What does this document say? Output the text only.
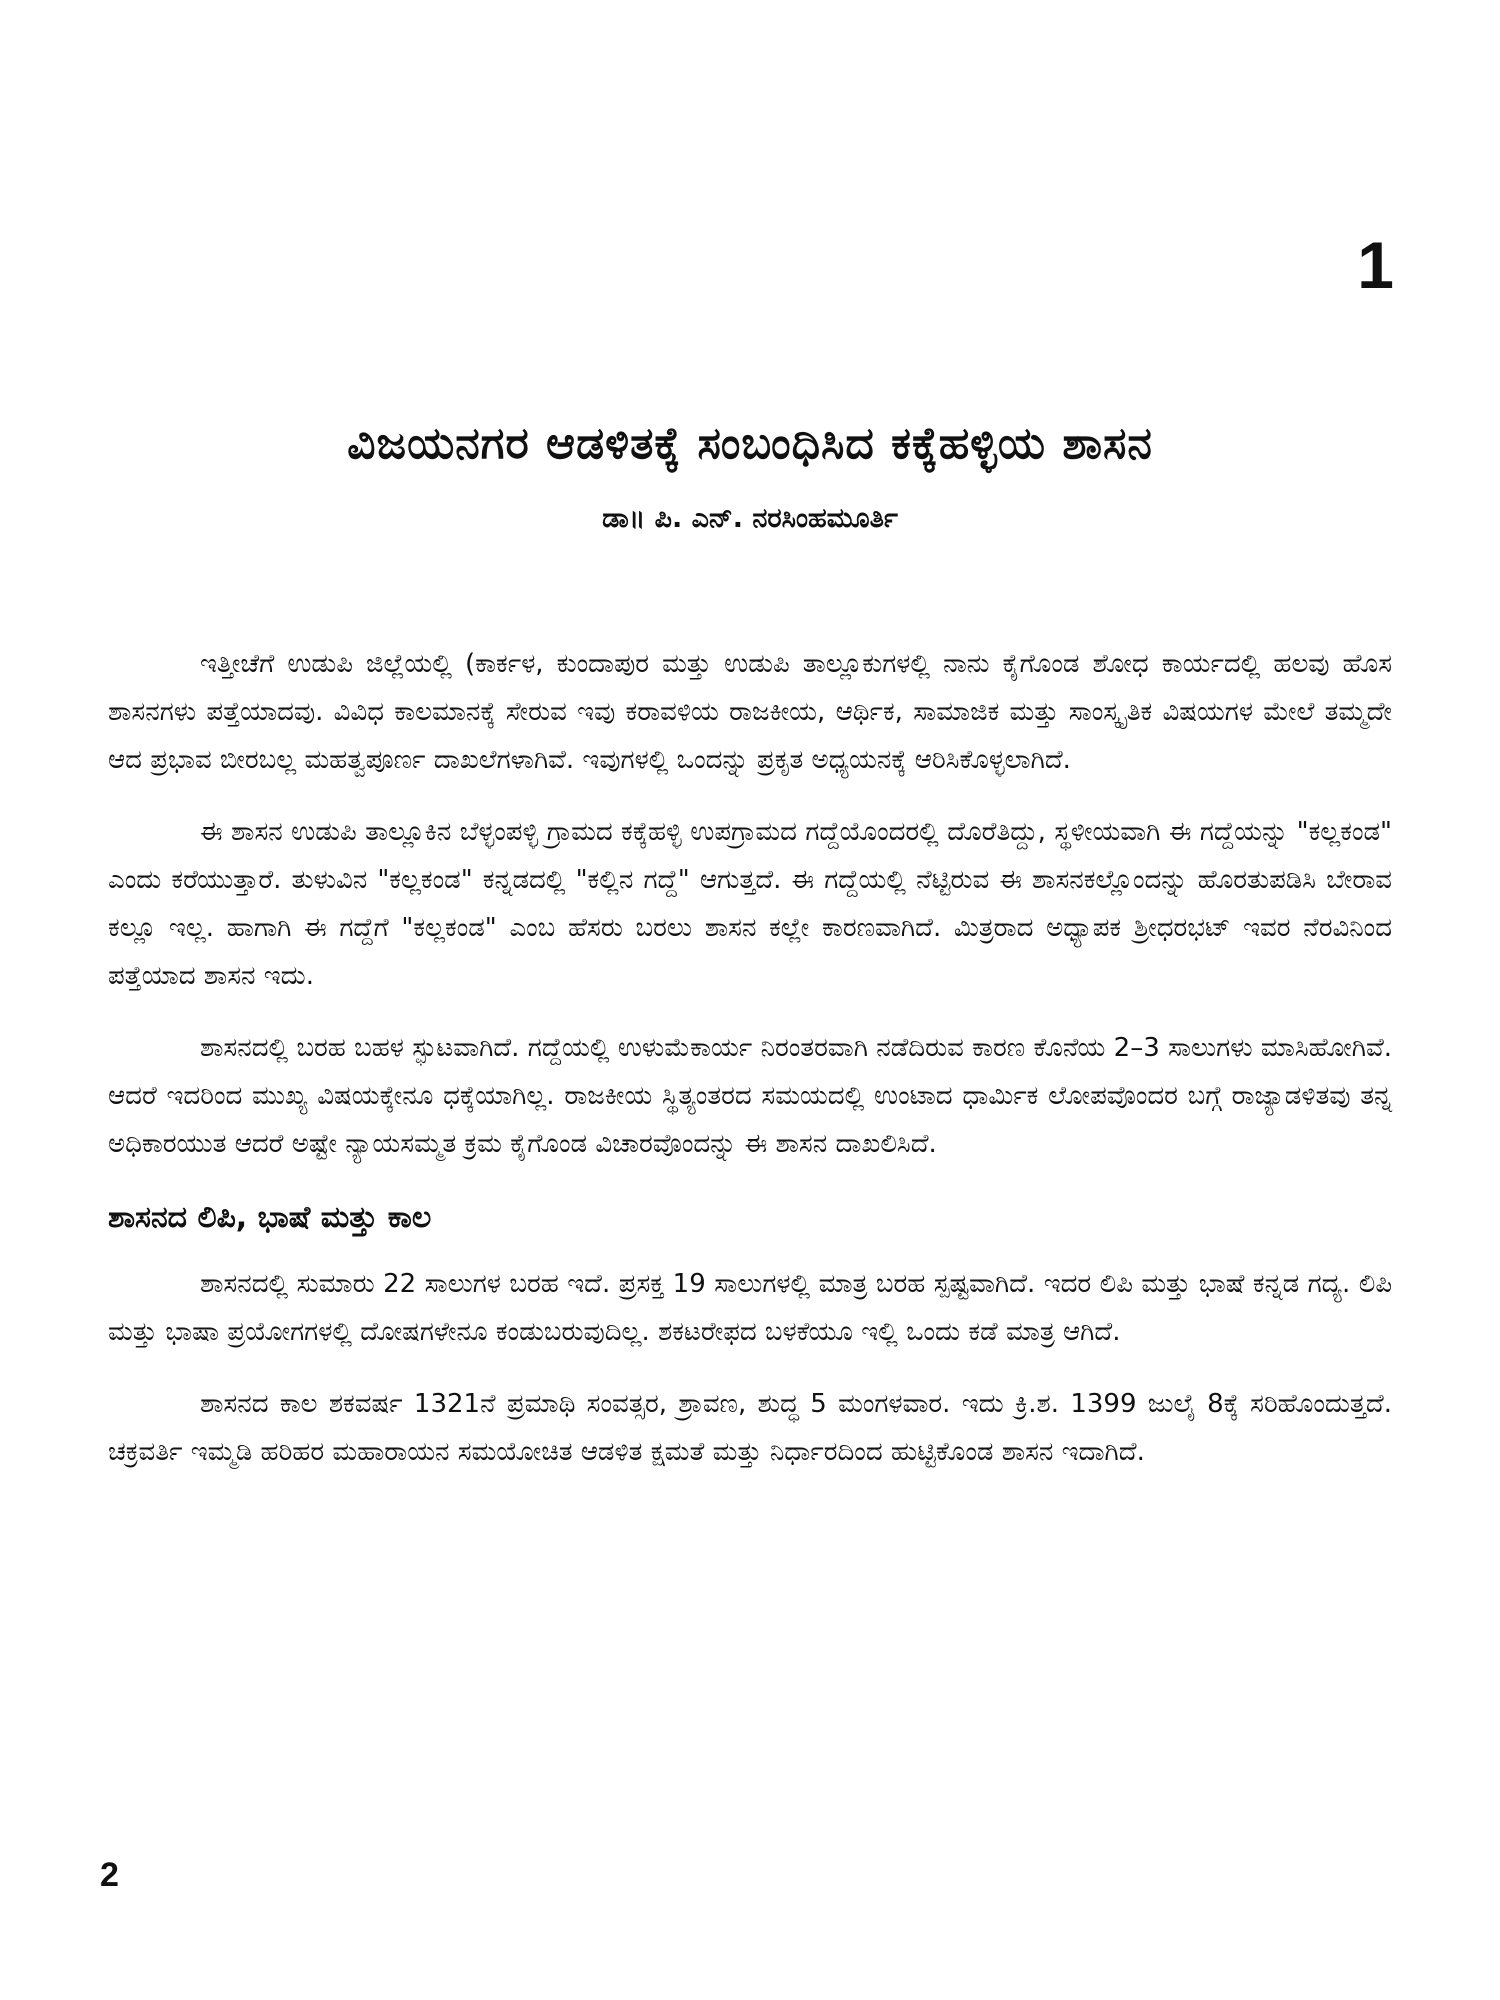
1
ವಿಜಯನಗರ ಆಡಳಿತಕ್ಕೆ ಸಂಬಂಧಿಸಿದ ಕಕ್ಕೆಹಳ್ಳಿಯ ಶಾಸನ
ಡಾ॥ ಪಿ. ಎನ್. ನರಸಿಂಹಮೂರ್ತಿ

ಇತ್ತೀಚೆಗೆ ಉಡುಪಿ ಜಿಲ್ಲೆಯಲ್ಲಿ (ಕಾರ್ಕಳ, ಕುಂದಾಪುರ ಮತ್ತು ಉಡುಪಿ ತಾಲ್ಲೂಕುಗಳಲ್ಲಿ ನಾನು ಕೈಗೊಂಡ ಶೋಧ ಕಾರ್ಯದಲ್ಲಿ ಹಲವು ಹೊಸ ಶಾಸನಗಳು ಪತ್ತೆಯಾದವು. ವಿವಿಧ ಕಾಲಮಾನಕ್ಕೆ ಸೇರುವ ಇವು ಕರಾವಳಿಯ ರಾಜಕೀಯ, ಆರ್ಥಿಕ, ಸಾಮಾಜಿಕ ಮತ್ತು ಸಾಂಸ್ಕೃತಿಕ ವಿಷಯಗಳ ಮೇಲೆ ತಮ್ಮದೇ ಆದ ಪ್ರಭಾವ ಬೀರಬಲ್ಲ ಮಹತ್ವಪೂರ್ಣ ದಾಖಲೆಗಳಾಗಿವೆ. ಇವುಗಳಲ್ಲಿ ಒಂದನ್ನು ಪ್ರಕೃತ ಅಧ್ಯಯನಕ್ಕೆ ಆರಿಸಿಕೊಳ್ಳಲಾಗಿದೆ.

ಈ ಶಾಸನ ಉಡುಪಿ ತಾಲ್ಲೂಕಿನ ಬೆಳ್ಳಂಪಳ್ಳಿ ಗ್ರಾಮದ ಕಕ್ಕೆಹಳ್ಳಿ ಉಪಗ್ರಾಮದ ಗದ್ದೆಯೊಂದರಲ್ಲಿ ದೊರೆತಿದ್ದು, ಸ್ಥಳೀಯವಾಗಿ ಈ ಗದ್ದೆಯನ್ನು "ಕಲ್ಲಕಂಡ" ಎಂದು ಕರೆಯುತ್ತಾರೆ. ತುಳುವಿನ "ಕಲ್ಲಕಂಡ" ಕನ್ನಡದಲ್ಲಿ "ಕಲ್ಲಿನ ಗದ್ದೆ" ಆಗುತ್ತದೆ. ಈ ಗದ್ದೆಯಲ್ಲಿ ನೆಟ್ಟಿರುವ ಈ ಶಾಸನಕಲ್ಲೊಂದನ್ನು ಹೊರತುಪಡಿಸಿ ಬೇರಾವ ಕಲ್ಲೂ ಇಲ್ಲ. ಹಾಗಾಗಿ ಈ ಗದ್ದೆಗೆ "ಕಲ್ಲಕಂಡ" ಎಂಬ ಹೆಸರು ಬರಲು ಶಾಸನ ಕಲ್ಲೇ ಕಾರಣವಾಗಿದೆ. ಮಿತ್ರರಾದ ಅಧ್ಯಾಪಕ ಶ್ರೀಧರಭಟ್ ಇವರ ನೆರವಿನಿಂದ ಪತ್ತೆಯಾದ ಶಾಸನ ಇದು.

ಶಾಸನದಲ್ಲಿ ಬರಹ ಬಹಳ ಸ್ಫುಟವಾಗಿದೆ. ಗದ್ದೆಯಲ್ಲಿ ಉಳುಮೆಕಾರ್ಯ ನಿರಂತರವಾಗಿ ನಡೆದಿರುವ ಕಾರಣ ಕೊನೆಯ 2–3 ಸಾಲುಗಳು ಮಾಸಿಹೋಗಿವೆ. ಆದರೆ ಇದರಿಂದ ಮುಖ್ಯ ವಿಷಯಕ್ಕೇನೂ ಧಕ್ಕೆಯಾಗಿಲ್ಲ. ರಾಜಕೀಯ ಸ್ಥಿತ್ಯಂತರದ ಸಮಯದಲ್ಲಿ ಉಂಟಾದ ಧಾರ್ಮಿಕ ಲೋಪವೊಂದರ ಬಗ್ಗೆ ರಾಜ್ಯಾಡಳಿತವು ತನ್ನ ಅಧಿಕಾರಯುತ ಆದರೆ ಅಷ್ಟೇ ನ್ಯಾಯಸಮ್ಮತ ಕ್ರಮ ಕೈಗೊಂಡ ವಿಚಾರವೊಂದನ್ನು ಈ ಶಾಸನ ದಾಖಲಿಸಿದೆ.

ಶಾಸನದ ಲಿಪಿ, ಭಾಷೆ ಮತ್ತು ಕಾಲ

ಶಾಸನದಲ್ಲಿ ಸುಮಾರು 22 ಸಾಲುಗಳ ಬರಹ ಇದೆ. ಪ್ರಸಕ್ತ 19 ಸಾಲುಗಳಲ್ಲಿ ಮಾತ್ರ ಬರಹ ಸ್ಪಷ್ಟವಾಗಿದೆ. ಇದರ ಲಿಪಿ ಮತ್ತು ಭಾಷೆ ಕನ್ನಡ ಗದ್ಯ. ಲಿಪಿ ಮತ್ತು ಭಾಷಾ ಪ್ರಯೋಗಗಳಲ್ಲಿ ದೋಷಗಳೇನೂ ಕಂಡುಬರುವುದಿಲ್ಲ. ಶಕಟರೇಫದ ಬಳಕೆಯೂ ಇಲ್ಲಿ ಒಂದು ಕಡೆ ಮಾತ್ರ ಆಗಿದೆ.

ಶಾಸನದ ಕಾಲ ಶಕವರ್ಷ 1321ನೆ ಪ್ರಮಾಥಿ ಸಂವತ್ಸರ, ಶ್ರಾವಣ, ಶುದ್ಧ 5 ಮಂಗಳವಾರ. ಇದು ಕ್ರಿ.ಶ. 1399 ಜುಲೈ 8ಕ್ಕೆ ಸರಿಹೊಂದುತ್ತದೆ. ಚಕ್ರವರ್ತಿ ಇಮ್ಮಡಿ ಹರಿಹರ ಮಹಾರಾಯನ ಸಮಯೋಚಿತ ಆಡಳಿತ ಕ್ಷಮತೆ ಮತ್ತು ನಿರ್ಧಾರದಿಂದ ಹುಟ್ಟಿಕೊಂಡ ಶಾಸನ ಇದಾಗಿದೆ.

2
